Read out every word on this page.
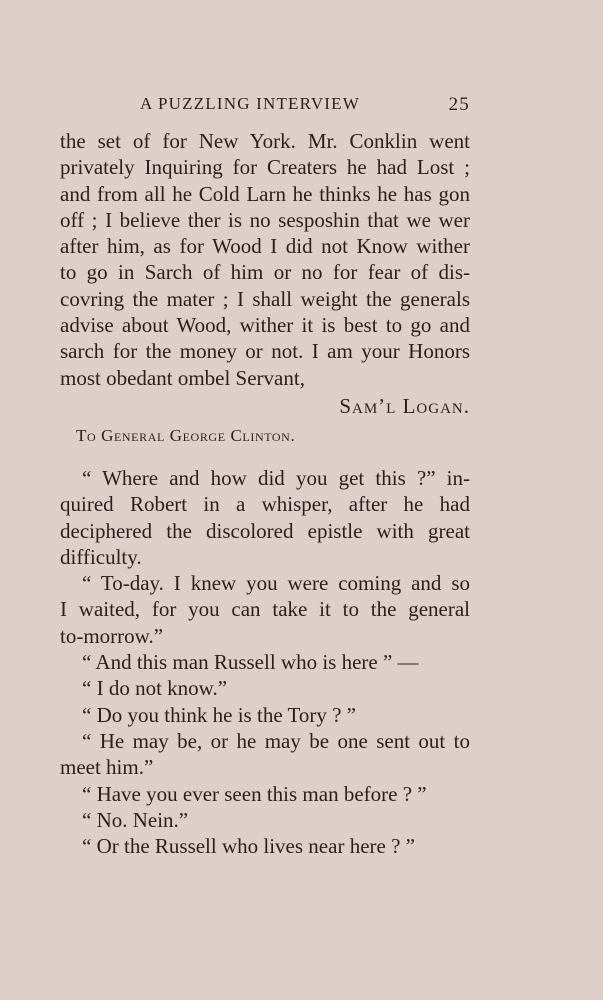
A PUZZLING INTERVIEW	25
the set of for New York. Mr. Conklin went
privately Inquiring for Creaters he had Lost ;
and from all he Cold Larn he thinks he has gon
off ; I believe ther is no sesposhin that we wer
after him, as for Wood I did not Know wither
to go in Sarch of him or no for fear of dis-
covring the mater ; I shall weight the generals
advise about Wood, wither it is best to go and
sarch for the money or not. I am your Honors
most obedant ombel Servant,
Sam’l Logan.
To General George Clinton.
“ Where and how did you get this ?” in-
quired Robert in a whisper, after he had
deciphered the discolored epistle with great
difficulty.
“ To-day. I knew you were coming and so
I waited, for you can take it to the general
to-morrow.”
“ And this man Russell who is here ” —
“ I do not know.”
“ Do you think he is the Tory ? ”
“ He may be, or he may be one sent out to
meet him.”
“ Have you ever seen this man before ? ”
“ No. Nein.”
“ Or the Russell who lives near here ? ”
